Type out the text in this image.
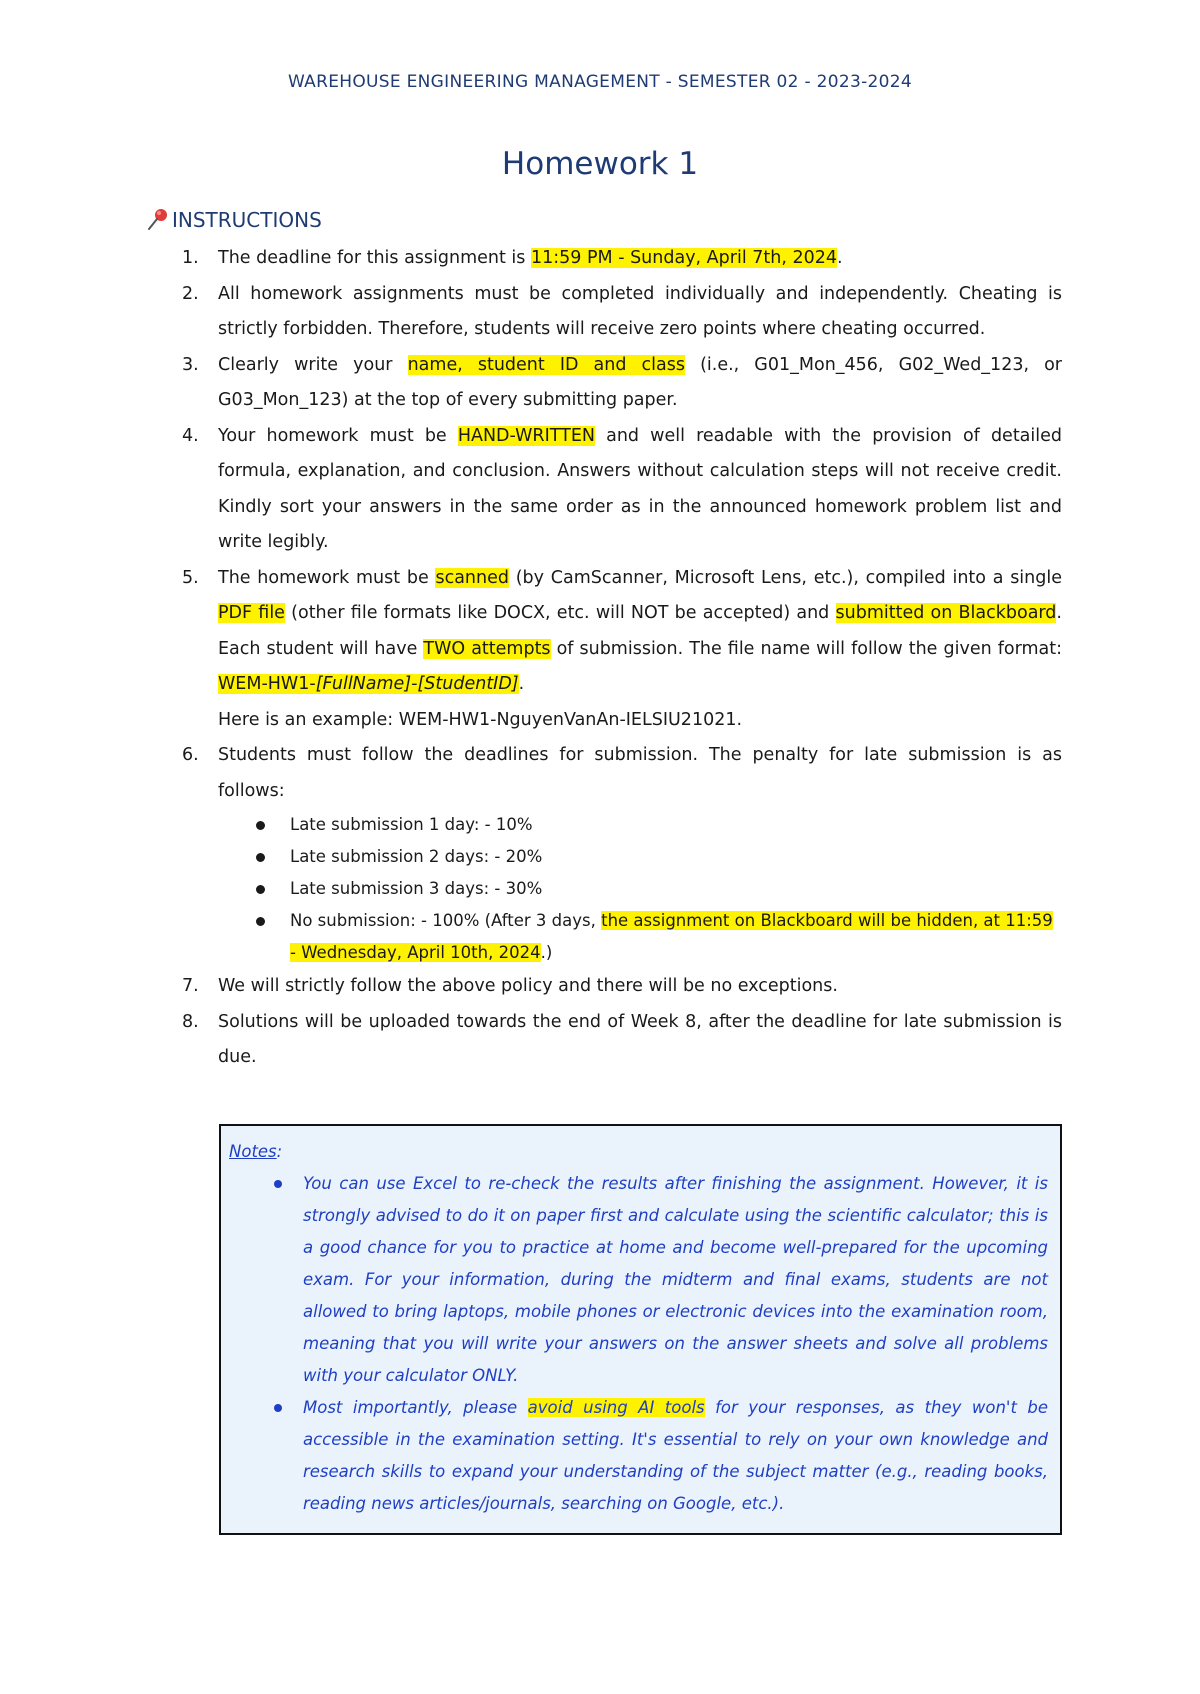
WAREHOUSE ENGINEERING MANAGEMENT - SEMESTER 02 - 2023-2024
Homework 1
INSTRUCTIONS
1. The deadline for this assignment is 11:59 PM - Sunday, April 7th, 2024.
2. All homework assignments must be completed individually and independently. Cheating is strictly forbidden. Therefore, students will receive zero points where cheating occurred.
3. Clearly write your name, student ID and class (i.e., G01_Mon_456, G02_Wed_123, or G03_Mon_123) at the top of every submitting paper.
4. Your homework must be HAND-WRITTEN and well readable with the provision of detailed formula, explanation, and conclusion. Answers without calculation steps will not receive credit. Kindly sort your answers in the same order as in the announced homework problem list and write legibly.
5. The homework must be scanned (by CamScanner, Microsoft Lens, etc.), compiled into a single PDF file (other file formats like DOCX, etc. will NOT be accepted) and submitted on Blackboard. Each student will have TWO attempts of submission. The file name will follow the given format: WEM-HW1-[FullName]-[StudentID].
Here is an example: WEM-HW1-NguyenVanAn-IELSIU21021.
6. Students must follow the deadlines for submission. The penalty for late submission is as follows:
Late submission 1 day: - 10%
Late submission 2 days: - 20%
Late submission 3 days: - 30%
No submission: - 100% (After 3 days, the assignment on Blackboard will be hidden, at 11:59 - Wednesday, April 10th, 2024.)
7. We will strictly follow the above policy and there will be no exceptions.
8. Solutions will be uploaded towards the end of Week 8, after the deadline for late submission is due.
Notes:
You can use Excel to re-check the results after finishing the assignment. However, it is strongly advised to do it on paper first and calculate using the scientific calculator; this is a good chance for you to practice at home and become well-prepared for the upcoming exam. For your information, during the midterm and final exams, students are not allowed to bring laptops, mobile phones or electronic devices into the examination room, meaning that you will write your answers on the answer sheets and solve all problems with your calculator ONLY.
Most importantly, please avoid using AI tools for your responses, as they won't be accessible in the examination setting. It's essential to rely on your own knowledge and research skills to expand your understanding of the subject matter (e.g., reading books, reading news articles/journals, searching on Google, etc.).
